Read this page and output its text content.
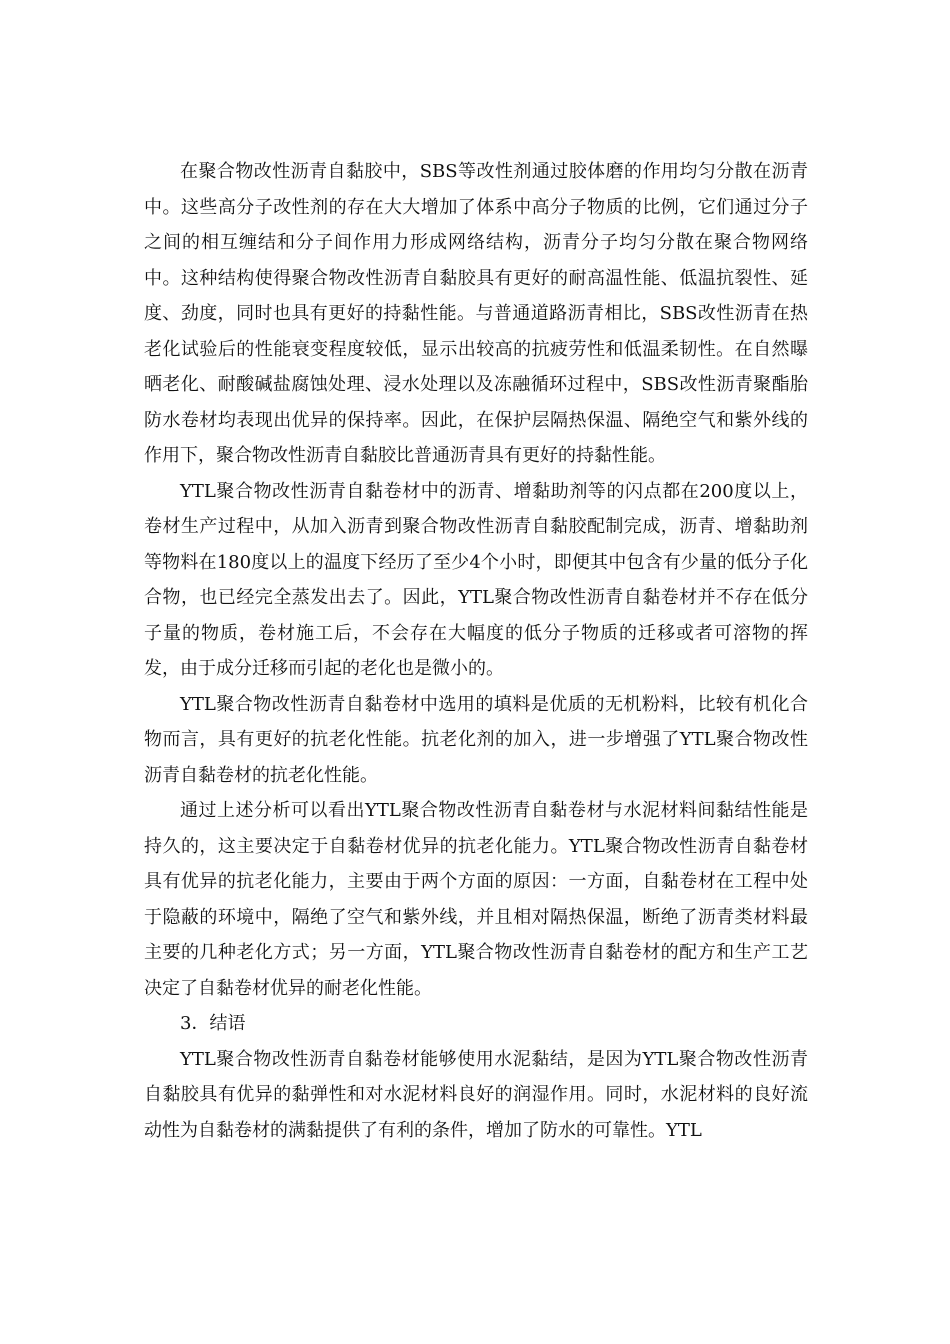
在聚合物改性沥青自黏胶中，SBS等改性剂通过胶体磨的作用均匀分散在沥青中。这些高分子改性剂的存在大大增加了体系中高分子物质的比例，它们通过分子之间的相互缠结和分子间作用力形成网络结构，沥青分子均匀分散在聚合物网络中。这种结构使得聚合物改性沥青自黏胶具有更好的耐高温性能、低温抗裂性、延度、劲度，同时也具有更好的持黏性能。与普通道路沥青相比，SBS改性沥青在热老化试验后的性能衰变程度较低，显示出较高的抗疲劳性和低温柔韧性。在自然曝晒老化、耐酸碱盐腐蚀处理、浸水处理以及冻融循环过程中，SBS改性沥青聚酯胎防水卷材均表现出优异的保持率。因此，在保护层隔热保温、隔绝空气和紫外线的作用下，聚合物改性沥青自黏胶比普通沥青具有更好的持黏性能。

YTL聚合物改性沥青自黏卷材中的沥青、增黏助剂等的闪点都在200度以上，卷材生产过程中，从加入沥青到聚合物改性沥青自黏胶配制完成，沥青、增黏助剂等物料在180度以上的温度下经历了至少4个小时，即便其中包含有少量的低分子化合物，也已经完全蒸发出去了。因此，YTL聚合物改性沥青自黏卷材并不存在低分子量的物质，卷材施工后，不会存在大幅度的低分子物质的迁移或者可溶物的挥发，由于成分迁移而引起的老化也是微小的。

YTL聚合物改性沥青自黏卷材中选用的填料是优质的无机粉料，比较有机化合物而言，具有更好的抗老化性能。抗老化剂的加入，进一步增强了YTL聚合物改性沥青自黏卷材的抗老化性能。

通过上述分析可以看出YTL聚合物改性沥青自黏卷材与水泥材料间黏结性能是持久的，这主要决定于自黏卷材优异的抗老化能力。YTL聚合物改性沥青自黏卷材具有优异的抗老化能力，主要由于两个方面的原因：一方面，自黏卷材在工程中处于隐蔽的环境中，隔绝了空气和紫外线，并且相对隔热保温，断绝了沥青类材料最主要的几种老化方式；另一方面，YTL聚合物改性沥青自黏卷材的配方和生产工艺决定了自黏卷材优异的耐老化性能。

3．结语

YTL聚合物改性沥青自黏卷材能够使用水泥黏结，是因为YTL聚合物改性沥青自黏胶具有优异的黏弹性和对水泥材料良好的润湿作用。同时，水泥材料的良好流动性为自黏卷材的满黏提供了有利的条件，增加了防水的可靠性。YTL
